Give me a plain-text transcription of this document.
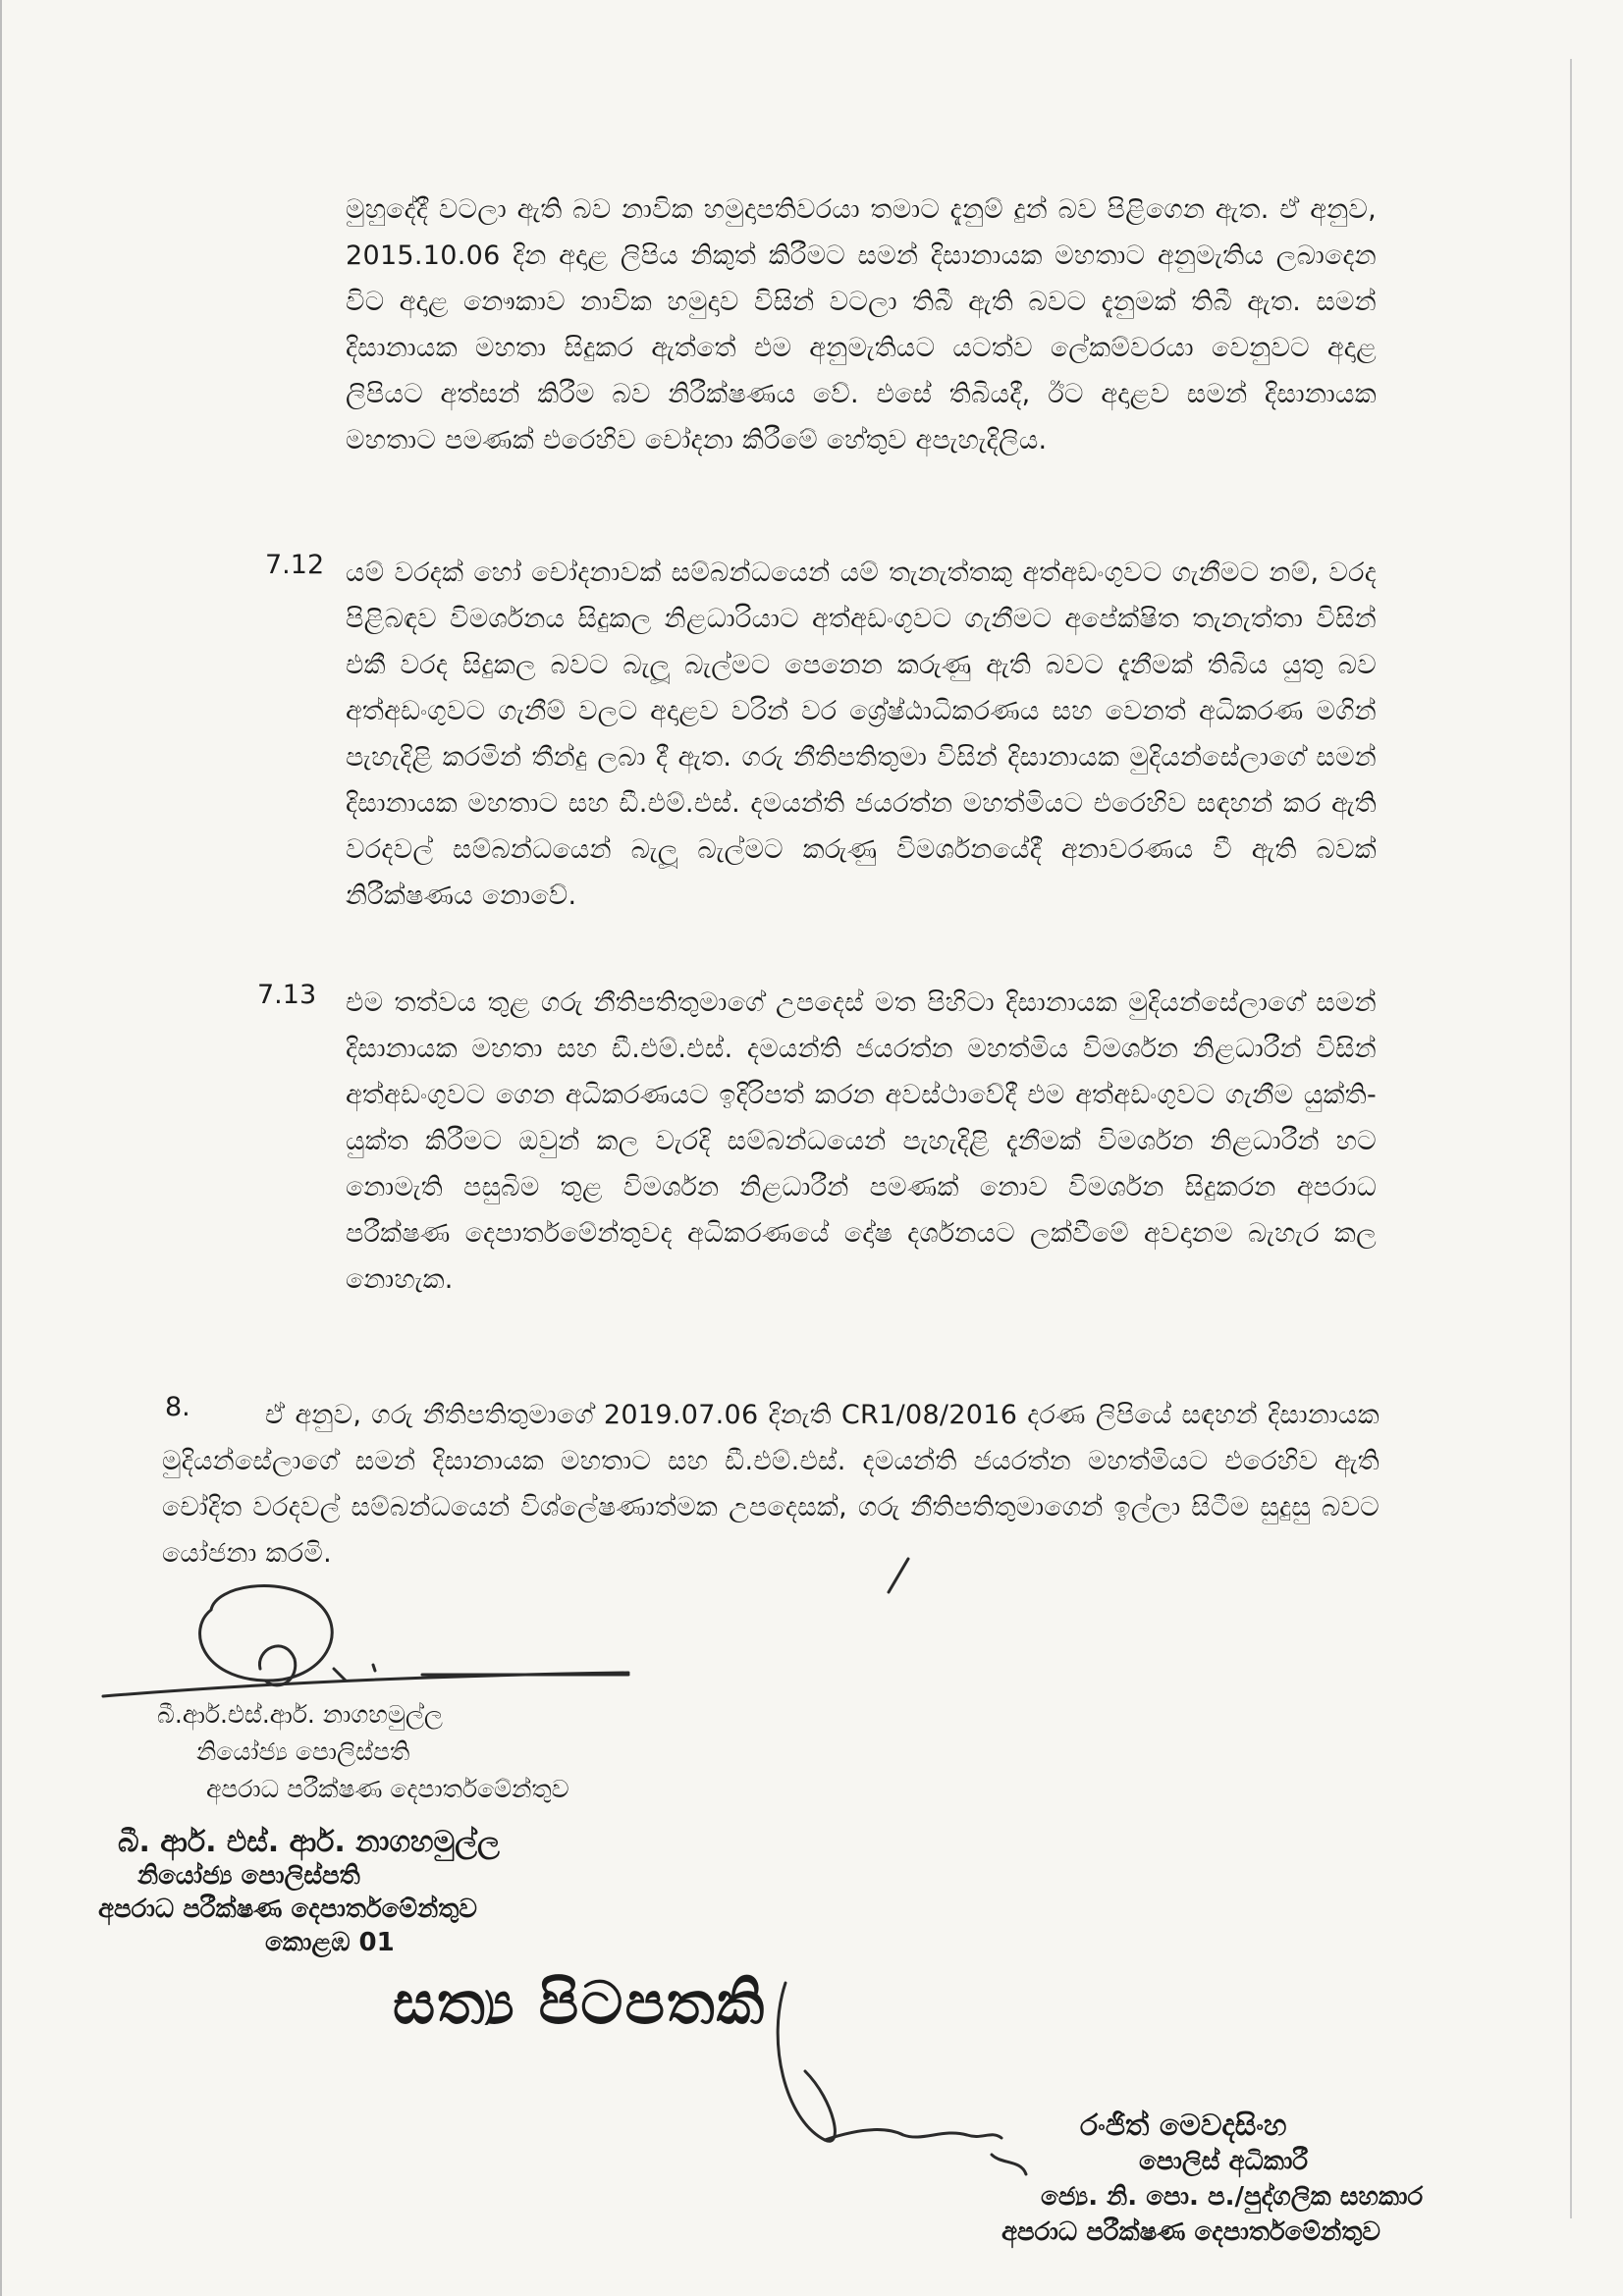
මුහුදේදී වටලා ඇති බව නාවික හමුදාපතිවරයා තමාට දැනුම් දුන් බව පිළිගෙන ඇත. ඒ අනුව, 2015.10.06 දින අදාළ ලිපිය නිකුත් කිරීමට සමන් දිසානායක මහතාට අනුමැතිය ලබාදෙන විට අදාළ නෞකාව නාවික හමුදාව විසින් වටලා තිබී ඇති බවට දැනුමක් තිබී ඇත. සමන් දිසානායක මහතා සිදුකර ඇත්තේ එම අනුමැතියට යටත්ව ලේකම්වරයා වෙනුවට අදාළ ලිපියට අත්සන් කිරීම බව නිරීක්ෂණය වේ. එසේ තිබියදී, ඊට අදාළව සමන් දිසානායක මහතාට පමණක් එරෙහිව චෝදනා කිරීමේ හේතුව අපැහැදිලිය.

7.12 යම් වරදක් හෝ චෝදනාවක් සම්බන්ධයෙන් යම් තැනැත්තකු අත්අඩංගුවට ගැනීමට නම්, වරද පිළිබඳව විමර්ශනය සිදුකල නිළධාරියාට අත්අඩංගුවට ගැනීමට අපේක්ෂිත තැනැත්තා විසින් එකී වරද සිදුකල බවට බැලූ බැල්මට පෙනෙන කරුණු ඇති බවට දැනීමක් තිබිය යුතු බව අත්අඩංගුවට ගැනීම් වලට අදාළව වරින් වර ශ්‍රේෂ්ඨාධිකරණය සහ වෙනත් අධිකරණ මගින් පැහැදිළි කරමින් තීන්දු ලබා දී ඇත. ගරු නීතිපතිතුමා විසින් දිසානායක මුදියන්සේලාගේ සමන් දිසානායක මහතාට සහ ඩී.එම්.එස්. දමයන්ති ජයරත්න මහත්මියට එරෙහිව සඳහන් කර ඇති වරදවල් සම්බන්ධයෙන් බැලූ බැල්මට කරුණු විමර්ශනයේදී අනාවරණය වී ඇති බවක් නිරීක්ෂණය නොවේ.

7.13 එම තත්වය තුළ ගරු නීතිපතිතුමාගේ උපදෙස් මත පිහිටා දිසානායක මුදියන්සේලාගේ සමන් දිසානායක මහතා සහ ඩී.එම්.එස්. දමයන්ති ජයරත්න මහත්මිය විමර්ශන නිළධාරීන් විසින් අත්අඩංගුවට ගෙන අධිකරණයට ඉදිරිපත් කරන අවස්ථාවේදී එම අත්අඩංගුවට ගැනීම යුක්ති-යුක්ත කිරීමට ඔවුන් කල වැරදි සම්බන්ධයෙන් පැහැදිළි දැනීමක් විමර්ශන නිළධාරීන් හට නොමැති පසුබිම තුළ විමර්ශන නිළධාරීන් පමණක් නොව විමර්ශන සිදුකරන අපරාධ පරීක්ෂණ දෙපාර්තමේන්තුවද අධිකරණයේ දෝෂ දර්ශනයට ලක්වීමේ අවදානම බැහැර කල නොහැක.

8.	ඒ අනුව, ගරු නීතිපතිතුමාගේ 2019.07.06 දිනැති CR1/08/2016 දරණ ලිපියේ සඳහන් දිසානායක මුදියන්සේලාගේ සමන් දිසානායක මහතාට සහ ඩී.එම්.එස්. දමයන්ති ජයරත්න මහත්මියට එරෙහිව ඇති චෝදිත වරදවල් සම්බන්ධයෙන් විශ්ලේෂණාත්මක උපදෙසක්, ගරු නීතිපතිතුමාගෙන් ඉල්ලා සිටීම සුදුසු බවට යෝජනා කරමි.

බී.ආර්.එස්.ආර්. නාගහමුල්ල
නියෝජ්‍ය පොලිස්පති
අපරාධ පරීක්ෂණ දෙපාර්තමේන්තුව
බී. ආර්. එස්. ආර්. නාගහමුල්ල
නියෝජ්‍ය පොලිස්පති
අපරාධ පරීක්ෂණ දෙපාර්තමේන්තුව
කොළඹ 01
සත්‍ය පිටපතකි
රංජිත් මෙවදසිංහ
පොලිස් අධිකාරී
ජ්‍යෙ. නි. පො. ප./පුද්ගලික සහකාර
අපරාධ පරීක්ෂණ දෙපාර්තමේන්තුව
